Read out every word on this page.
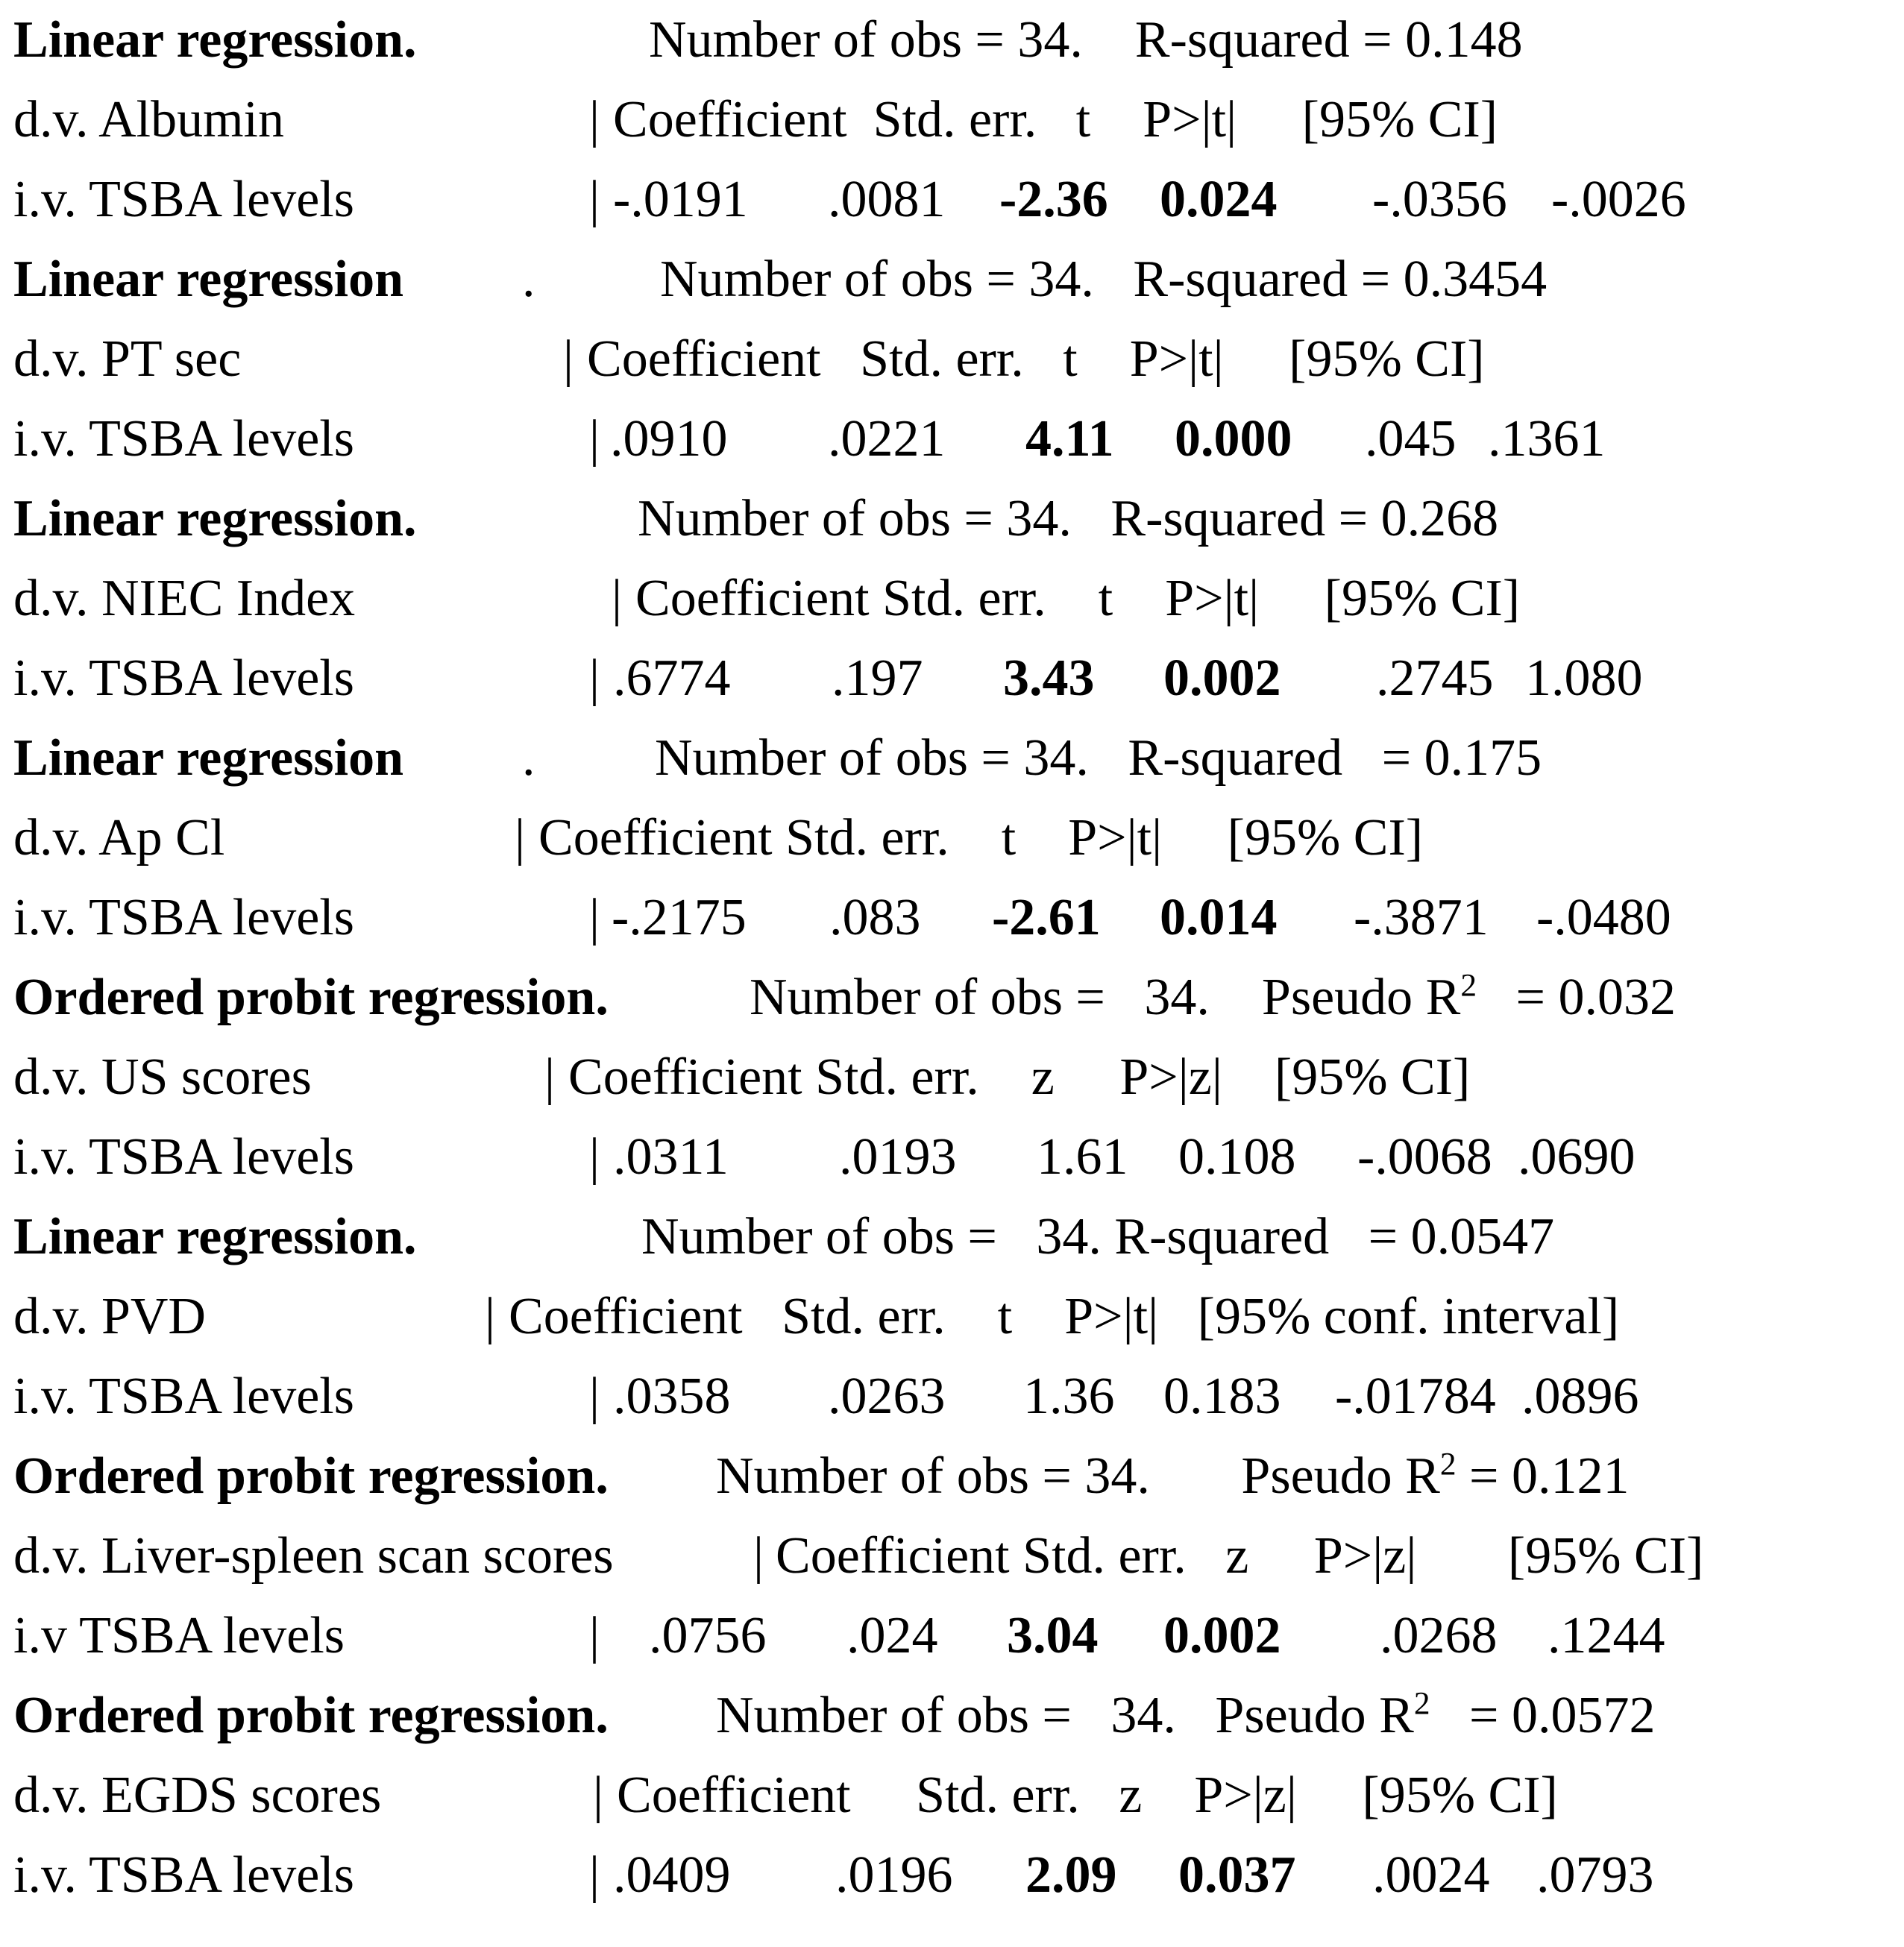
Linear regression.	Number of obs = 34.    R-squared = 0.148
d.v. Albumin	| Coefficient  Std. err.   t    P>|t|     [95% CI]
i.v. TSBA levels	| -.0191 .0081 -2.36 0.024 -.0356 -.0026
Linear regression . Number of obs = 34.   R-squared = 0.3454
d.v. PT sec	| Coefficient   Std. err.   t    P>|t|     [95% CI]
i.v. TSBA levels	| .0910 .0221 4.11 0.000 .045 .1361
Linear regression.	Number of obs = 34.   R-squared = 0.268
d.v. NIEC Index	| Coefficient Std. err.    t    P>|t|     [95% CI]
i.v. TSBA levels	| .6774 .197 3.43 0.002 .2745 1.080
Linear regression . Number of obs = 34.   R-squared   = 0.175
d.v. Ap Cl	| Coefficient Std. err.    t    P>|t|     [95% CI]
i.v. TSBA levels	| -.2175 .083 -2.61 0.014 -.3871 -.0480
Ordered probit regression.	Number of obs =   34.    Pseudo $R^2 = 0.032$
d.v. US scores	| Coefficient Std. err.    z     P>|z|    [95% CI]
i.v. TSBA levels	| .0311 .0193 1.61 0.108 -.0068 .0690
Linear regression.	Number of obs =   34. R-squared   = 0.0547
d.v. PVD	| Coefficient   Std. err.    t    P>|t|   [95% conf. interval]
i.v. TSBA levels	| .0358 .0263 1.36 0.183 -.01784 .0896
Ordered probit regression. Number of obs = 34.       Pseudo $R^2 = 0.121$
d.v. Liver-spleen scan scores	| Coefficient Std. err.   z     P>|z|       [95% CI]
i.v TSBA levels	| .0756 .024 3.04 0.002 .0268 .1244
Ordered probit regression. Number of obs =   34.   Pseudo $R^2 = 0.0572$
d.v. EGDS scores	| Coefficient     Std. err.   z    P>|z|     [95% CI]
i.v. TSBA levels	| .0409 .0196 2.09 0.037 .0024 .0793
